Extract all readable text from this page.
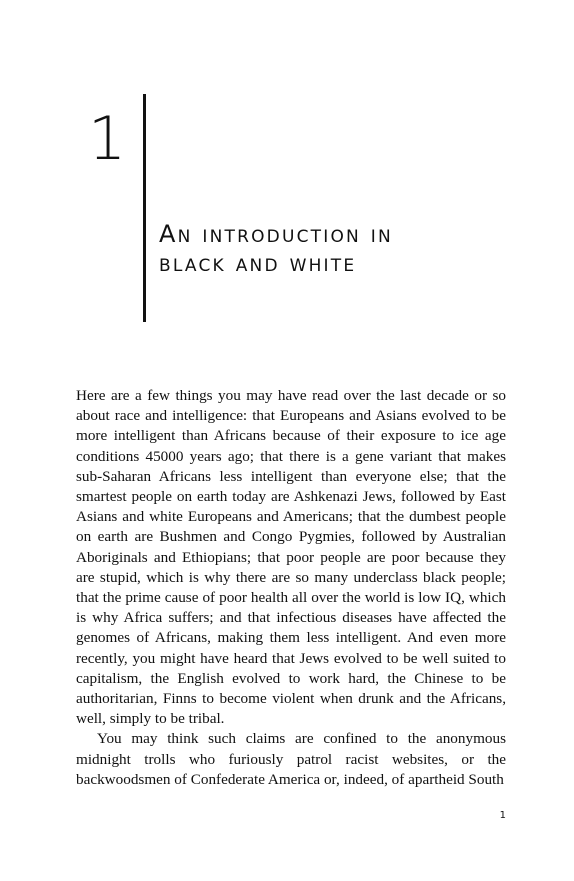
1
An introduction in
black and white

Here are a few things you may have read over the last decade or so about race and intelligence: that Europeans and Asians evolved to be more intelligent than Africans because of their exposure to ice age conditions 45000 years ago; that there is a gene variant that makes sub-Saharan Africans less intelligent than everyone else; that the smartest people on earth today are Ashkenazi Jews, followed by East Asians and white Europeans and Americans; that the dumbest people on earth are Bushmen and Congo Pygmies, followed by Australian Aboriginals and Ethiopians; that poor people are poor because they are stupid, which is why there are so many underclass black people; that the prime cause of poor health all over the world is low IQ, which is why Africa suffers; and that infectious diseases have affected the genomes of Africans, making them less intelligent. And even more recently, you might have heard that Jews evolved to be well suited to capitalism, the English evolved to work hard, the Chinese to be authoritarian, Finns to become violent when drunk and the Africans, well, simply to be tribal.

You may think such claims are confined to the anonymous midnight trolls who furiously patrol racist websites, or the backwoodsmen of Confederate America or, indeed, of apartheid South

1
